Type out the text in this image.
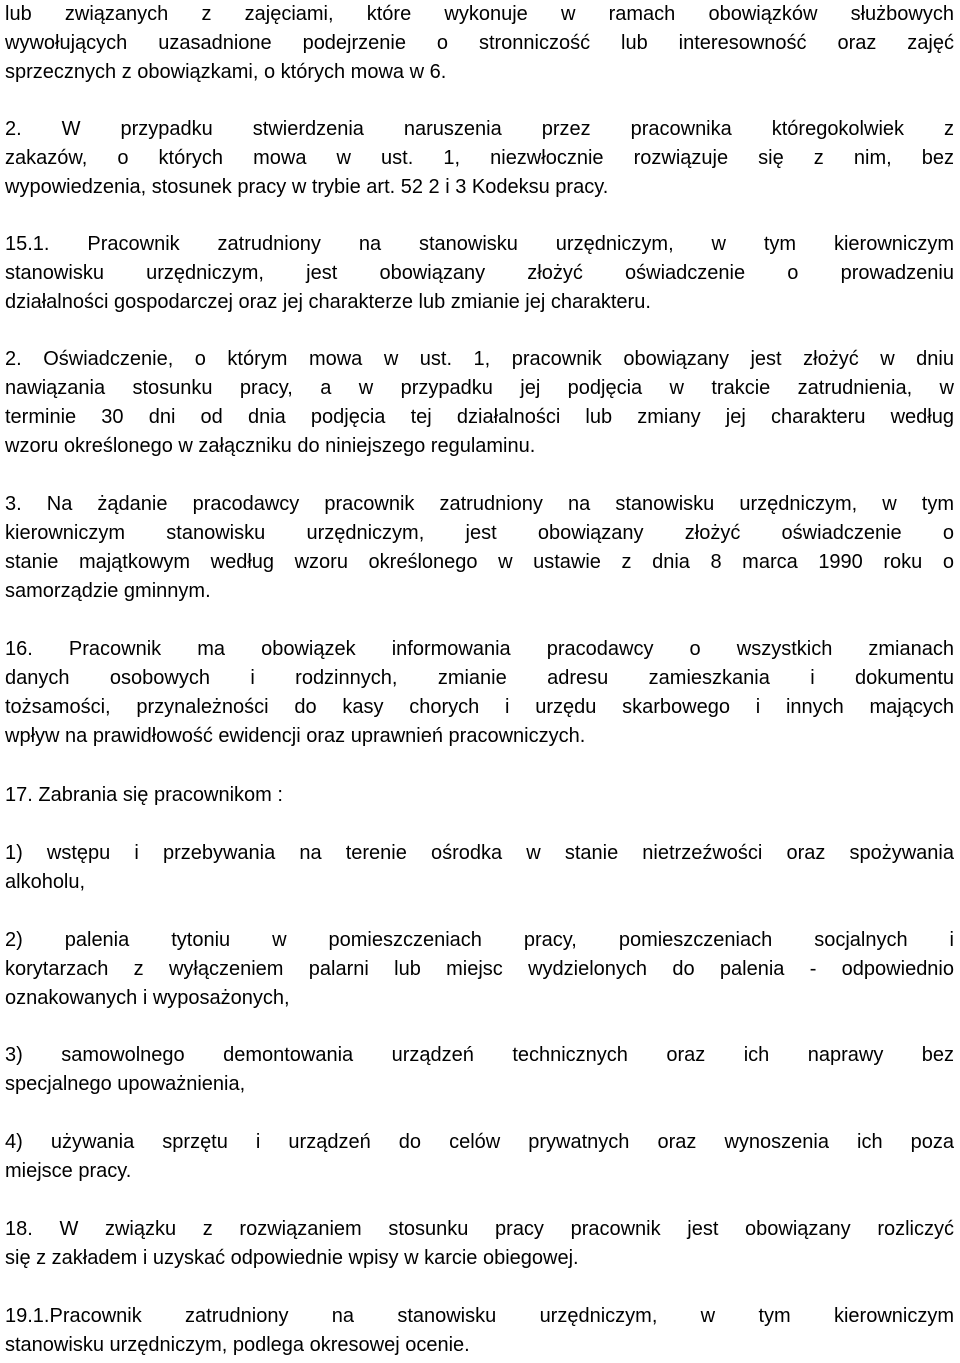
lub związanych z zajęciami, które wykonuje w ramach obowiązków służbowych
wywołujących uzasadnione podejrzenie o stronniczość lub interesowność oraz zajęć
sprzecznych z obowiązkami, o których mowa w 6.
2. W przypadku stwierdzenia naruszenia przez pracownika któregokolwiek z
zakazów, o których mowa w ust. 1, niezwłocznie rozwiązuje się z nim, bez
wypowiedzenia, stosunek pracy w trybie art. 52 2 i 3 Kodeksu pracy.
15.1. Pracownik zatrudniony na stanowisku urzędniczym, w tym kierowniczym
stanowisku urzędniczym, jest obowiązany złożyć oświadczenie o prowadzeniu
działalności gospodarczej oraz jej charakterze lub zmianie jej charakteru.
2. Oświadczenie, o którym mowa w ust. 1, pracownik obowiązany jest złożyć w dniu
nawiązania stosunku pracy, a w przypadku jej podjęcia w trakcie zatrudnienia, w
terminie 30 dni od dnia podjęcia tej działalności lub zmiany jej charakteru według
wzoru określonego w załączniku do niniejszego regulaminu.
3. Na żądanie pracodawcy pracownik zatrudniony na stanowisku urzędniczym, w tym
kierowniczym stanowisku urzędniczym, jest obowiązany złożyć oświadczenie o
stanie majątkowym według wzoru określonego w ustawie z dnia 8 marca 1990 roku o
samorządzie gminnym.
16. Pracownik ma obowiązek informowania pracodawcy o wszystkich zmianach
danych osobowych i rodzinnych, zmianie adresu zamieszkania i dokumentu
tożsamości, przynależności do kasy chorych i urzędu skarbowego i innych mających
wpływ na prawidłowość ewidencji oraz uprawnień pracowniczych.
17. Zabrania się pracownikom :
1) wstępu i przebywania na terenie ośrodka w stanie nietrzeźwości oraz spożywania
alkoholu,
2) palenia tytoniu w pomieszczeniach pracy, pomieszczeniach socjalnych i
korytarzach z wyłączeniem palarni lub miejsc wydzielonych do palenia - odpowiednio
oznakowanych i wyposażonych,
3) samowolnego demontowania urządzeń technicznych oraz ich naprawy bez
specjalnego upoważnienia,
4) używania sprzętu i urządzeń do celów prywatnych oraz wynoszenia ich poza
miejsce pracy.
18. W związku z rozwiązaniem stosunku pracy pracownik jest obowiązany rozliczyć
się z zakładem i uzyskać odpowiednie wpisy w karcie obiegowej.
19.1.Pracownik zatrudniony na stanowisku urzędniczym, w tym kierowniczym
stanowisku urzędniczym, podlega okresowej ocenie.
